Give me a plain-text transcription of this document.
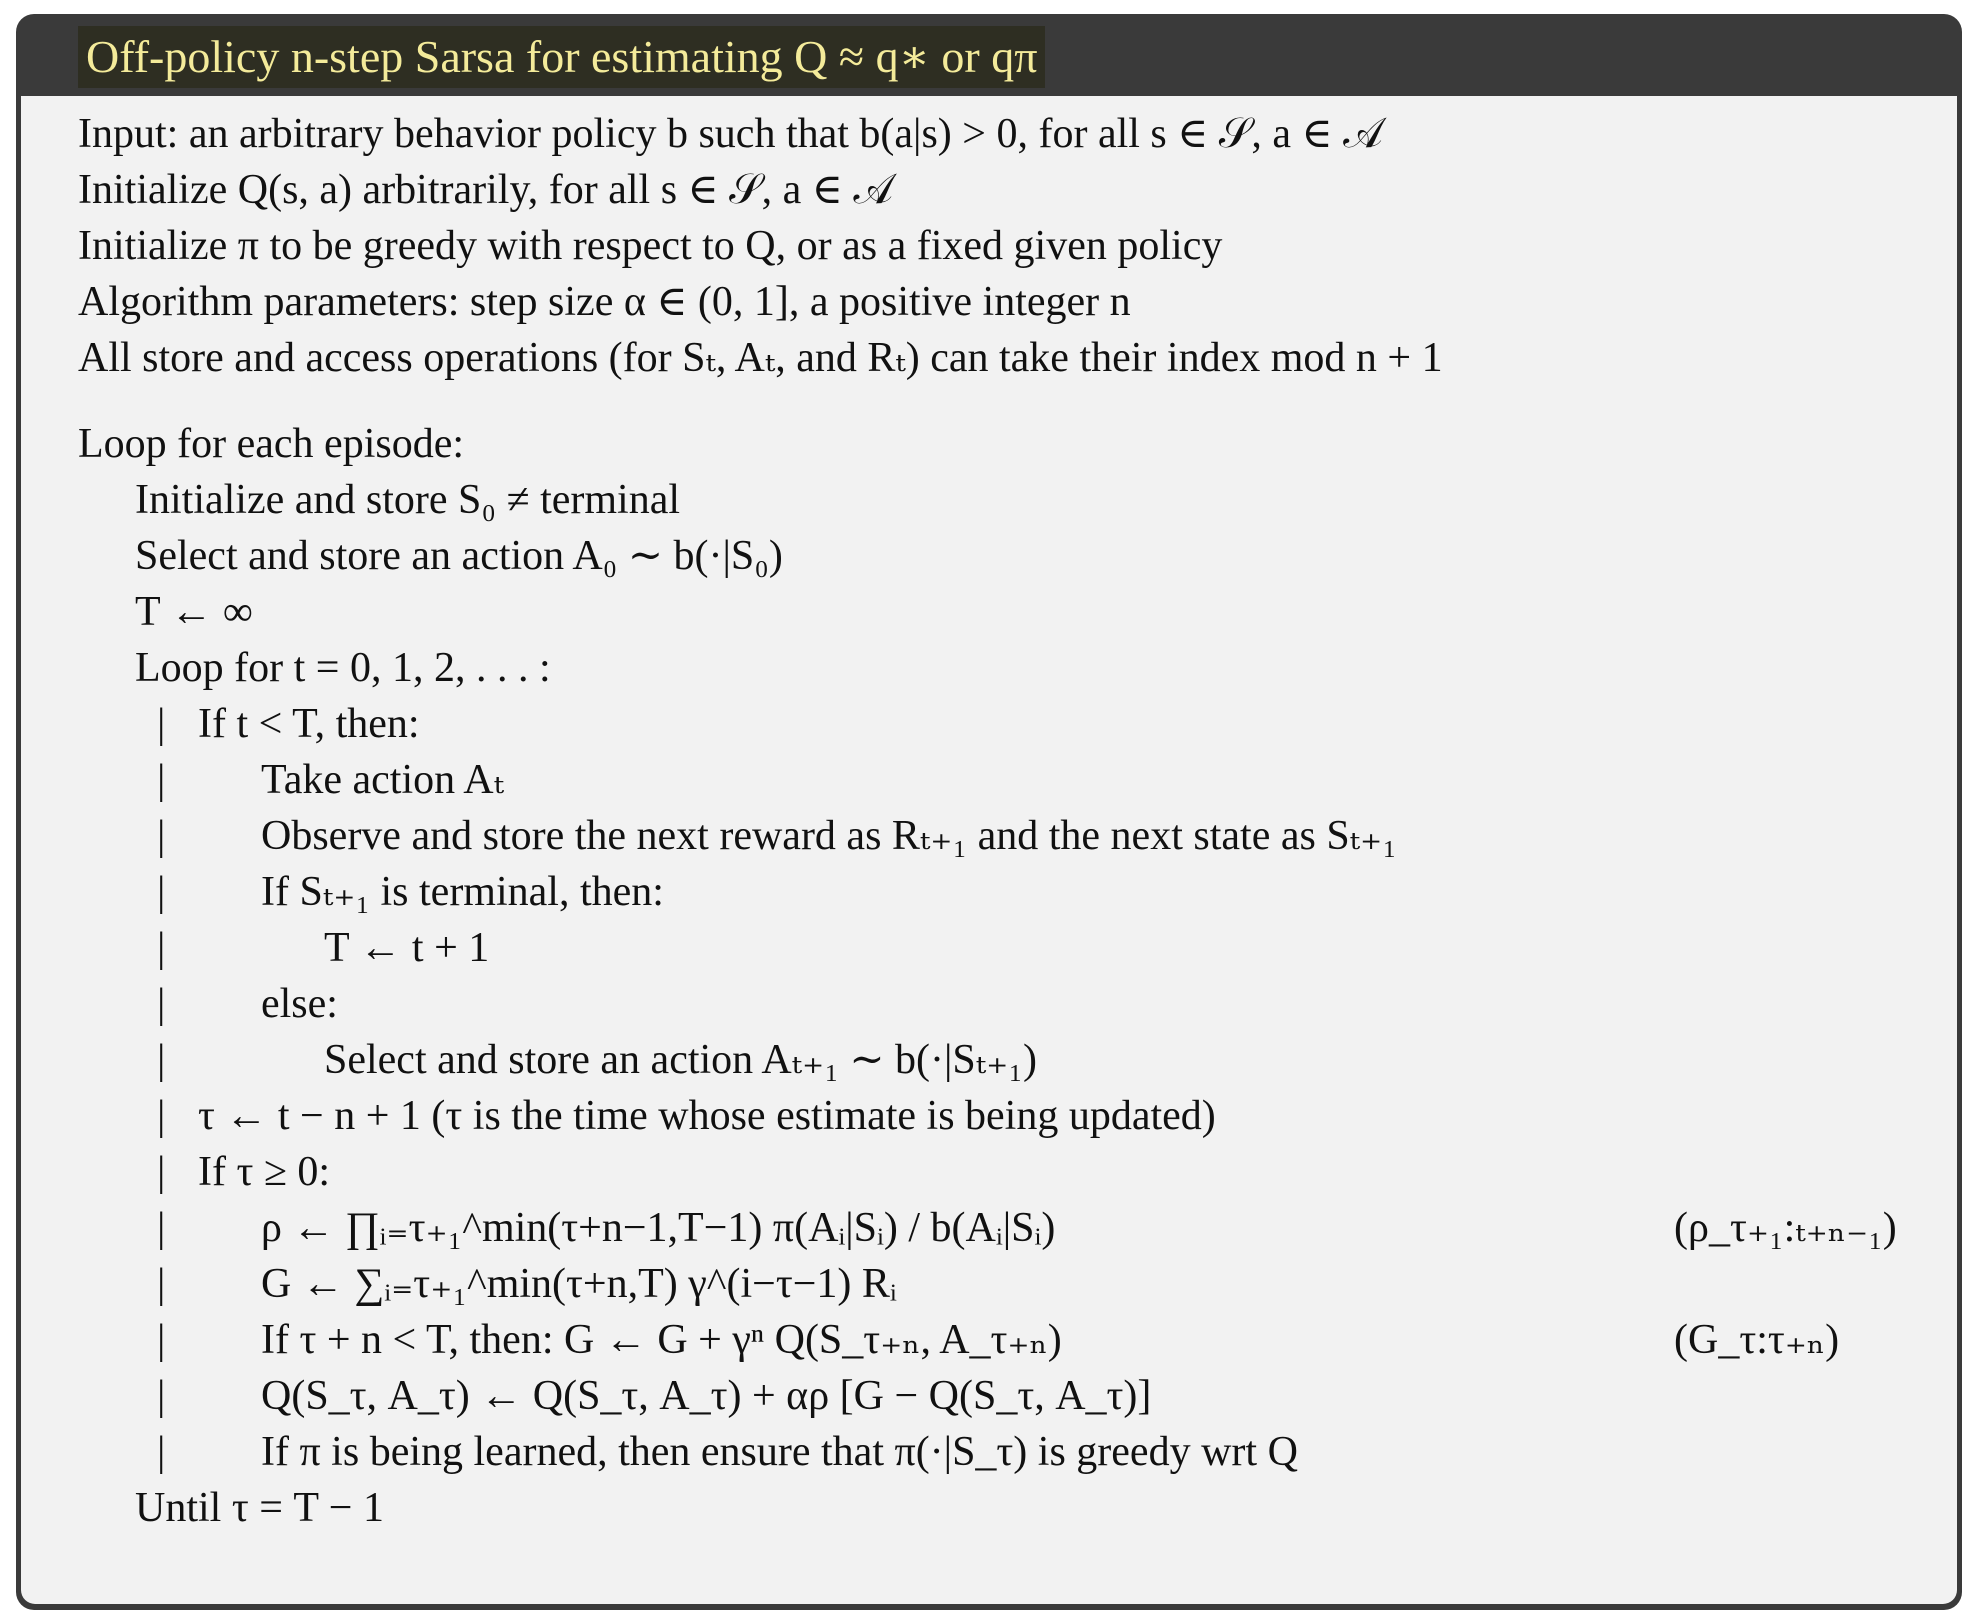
Off-policy n-step Sarsa for estimating Q ≈ q∗ or qπ
Input: an arbitrary behavior policy b such that b(a|s) > 0, for all s ∈ 𝒮, a ∈ 𝒜
Initialize Q(s, a) arbitrarily, for all s ∈ 𝒮, a ∈ 𝒜
Initialize π to be greedy with respect to Q, or as a fixed given policy
Algorithm parameters: step size α ∈ (0, 1], a positive integer n
All store and access operations (for Sₜ, Aₜ, and Rₜ) can take their index mod n + 1
Loop for each episode:
Initialize and store S₀ ≠ terminal
Select and store an action A₀ ∼ b(·|S₀)
T ← ∞
Loop for t = 0, 1, 2, . . . :
|
|
|
|
|
|
|
|
|
|
|
|
|
|
If t < T, then:
Take action Aₜ
Observe and store the next reward as Rₜ₊₁ and the next state as Sₜ₊₁
If Sₜ₊₁ is terminal, then:
T ← t + 1
else:
Select and store an action Aₜ₊₁ ∼ b(·|Sₜ₊₁)
τ ← t − n + 1 (τ is the time whose estimate is being updated)
If τ ≥ 0:
ρ ← ∏ᵢ₌τ₊₁^min(τ+n−1,T−1) π(Aᵢ|Sᵢ) / b(Aᵢ|Sᵢ)
G ← ∑ᵢ₌τ₊₁^min(τ+n,T) γ^(i−τ−1) Rᵢ
If τ + n < T, then: G ← G + γⁿ Q(S_τ₊ₙ, A_τ₊ₙ)
Q(S_τ, A_τ) ← Q(S_τ, A_τ) + αρ [G − Q(S_τ, A_τ)]
If π is being learned, then ensure that π(·|S_τ) is greedy wrt Q
(ρ_τ₊₁:ₜ₊ₙ₋₁)
(G_τ:τ₊ₙ)
Until τ = T − 1
